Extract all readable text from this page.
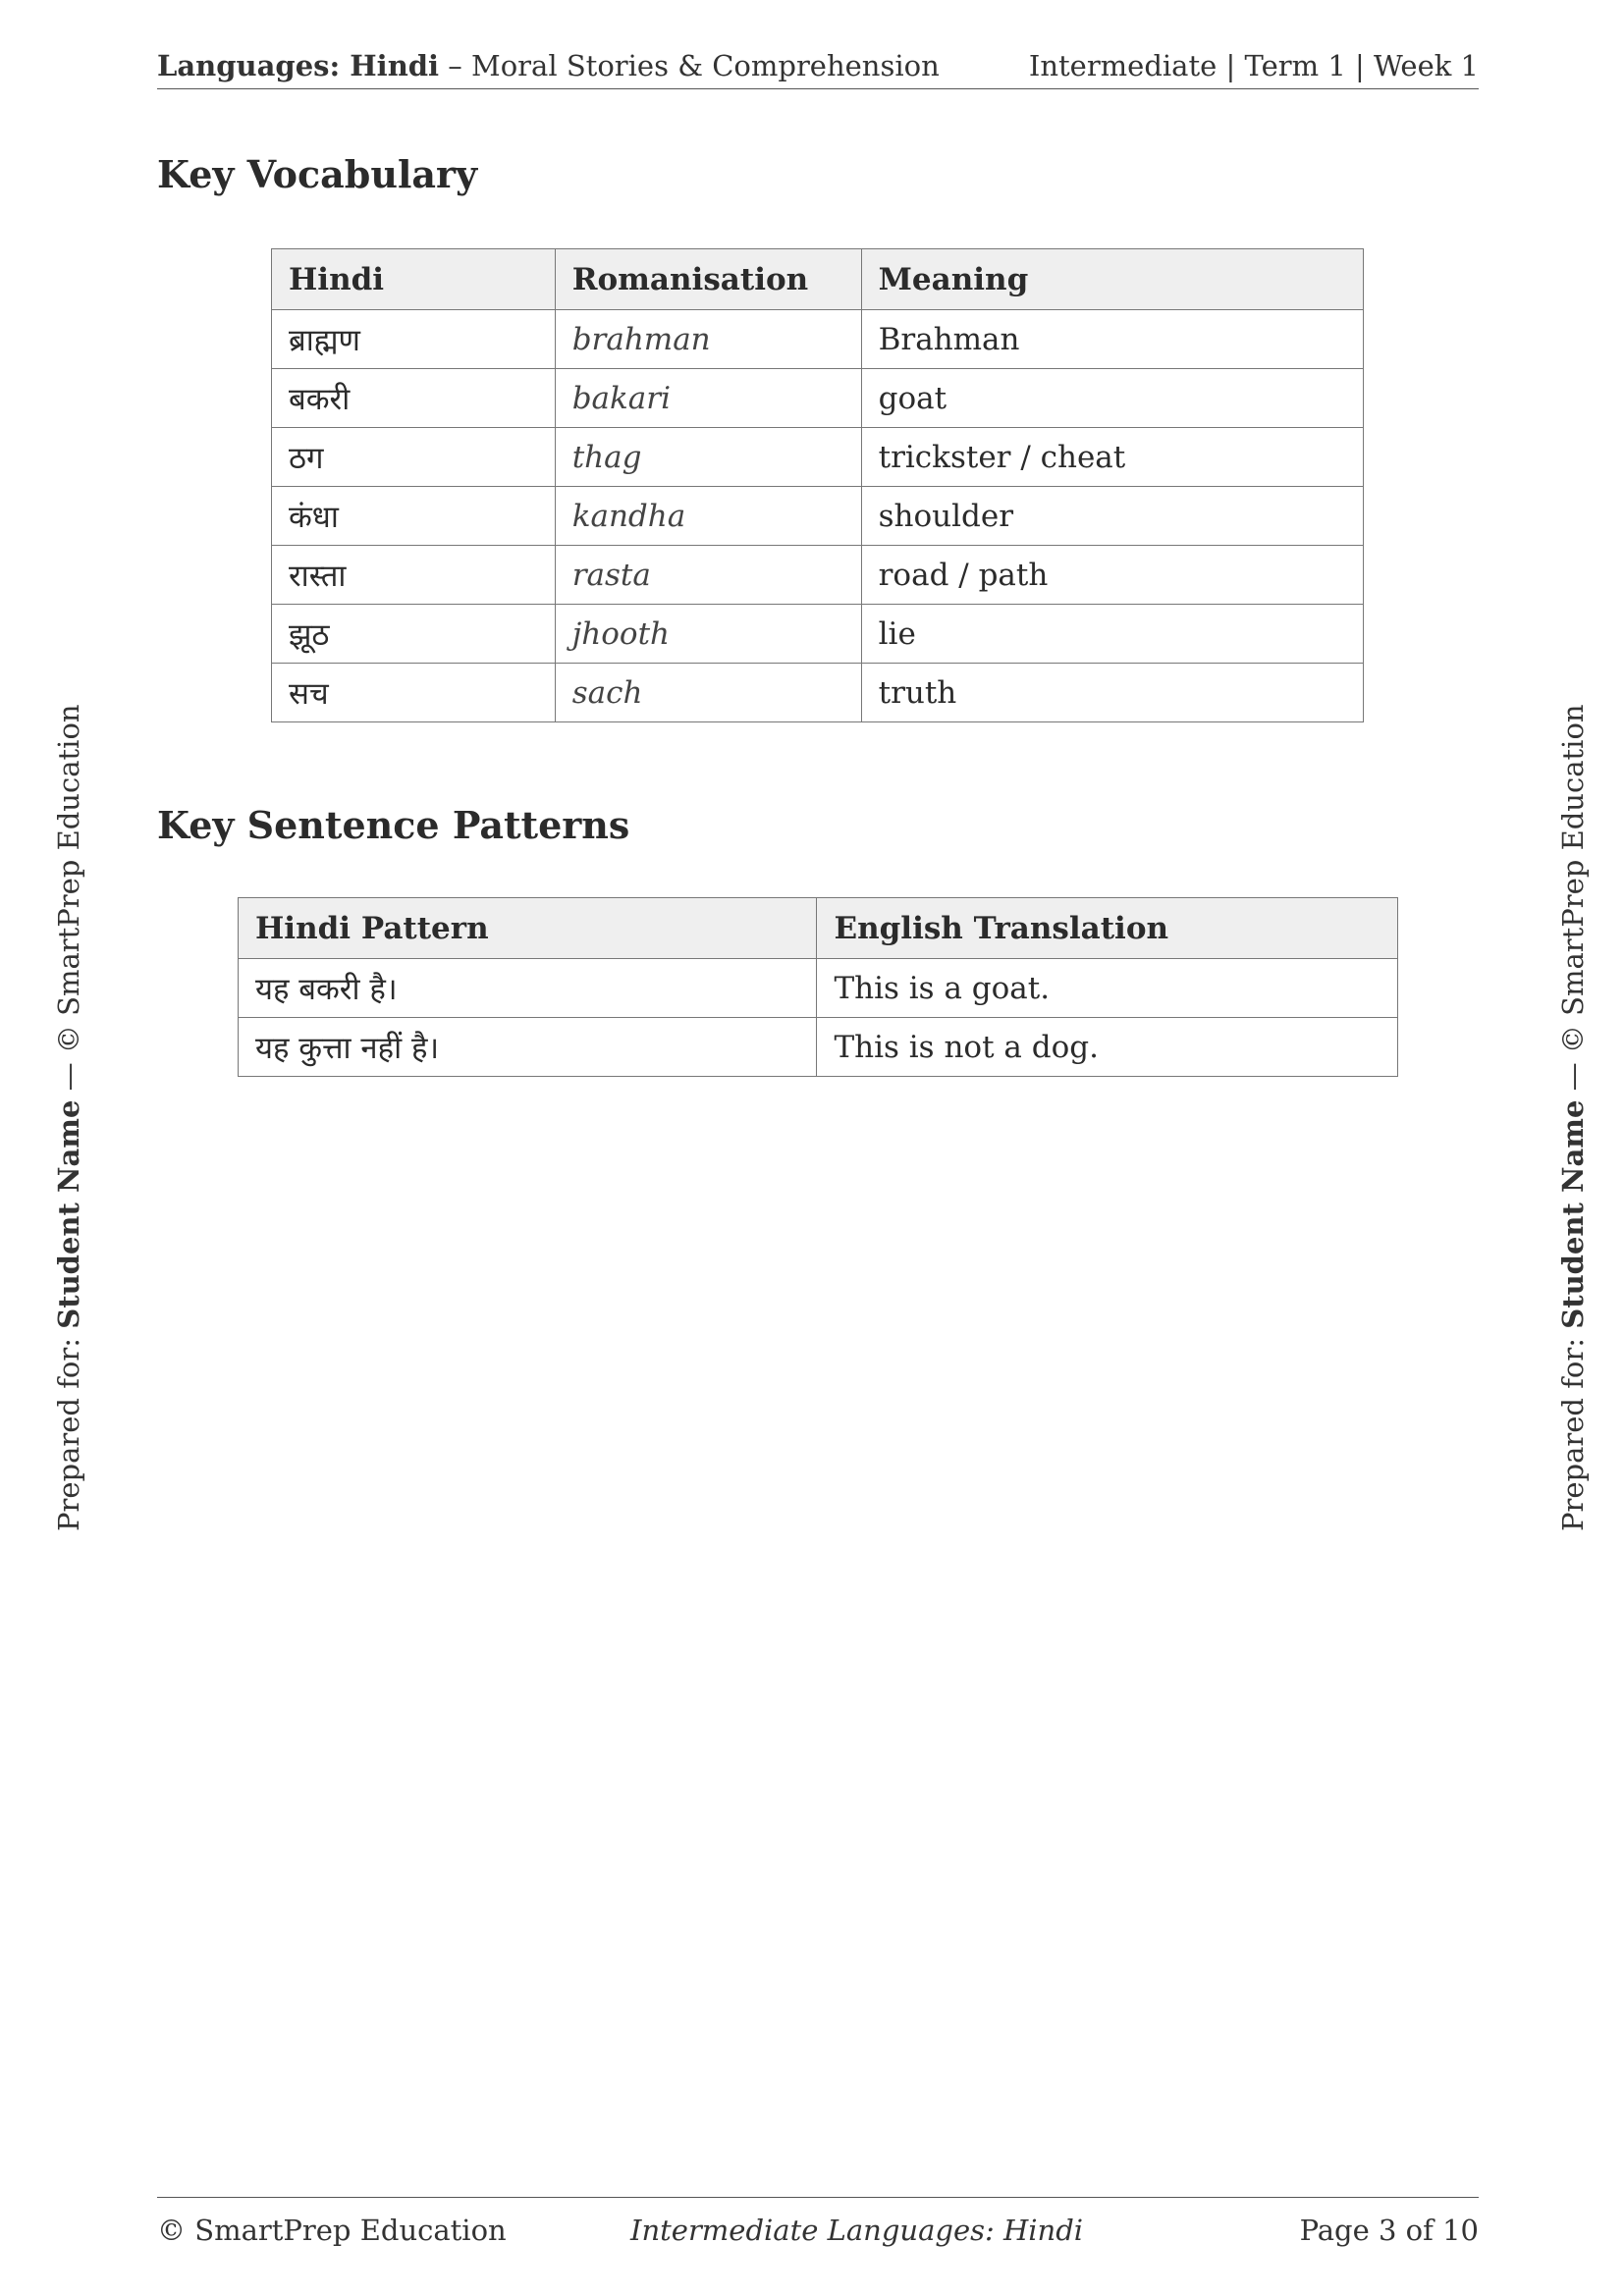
Languages: Hindi – Moral Stories & Comprehension	Intermediate | Term 1 | Week 1
Key Vocabulary
Hindi	Romanisation	Meaning
ब्राह्मण	brahman	Brahman
बकरी	bakari	goat
ठग	thag	trickster / cheat
कंधा	kandha	shoulder
रास्ता	rasta	road / path
झूठ	jhooth	lie
सच	sach	truth
Key Sentence Patterns
Hindi Pattern	English Translation
यह बकरी है।	This is a goat.
यह कुत्ता नहीं है।	This is not a dog.
Prepared for: Student Name — © SmartPrep Education
Prepared for: Student Name — © SmartPrep Education
© SmartPrep Education	Intermediate Languages: Hindi	Page 3 of 10
